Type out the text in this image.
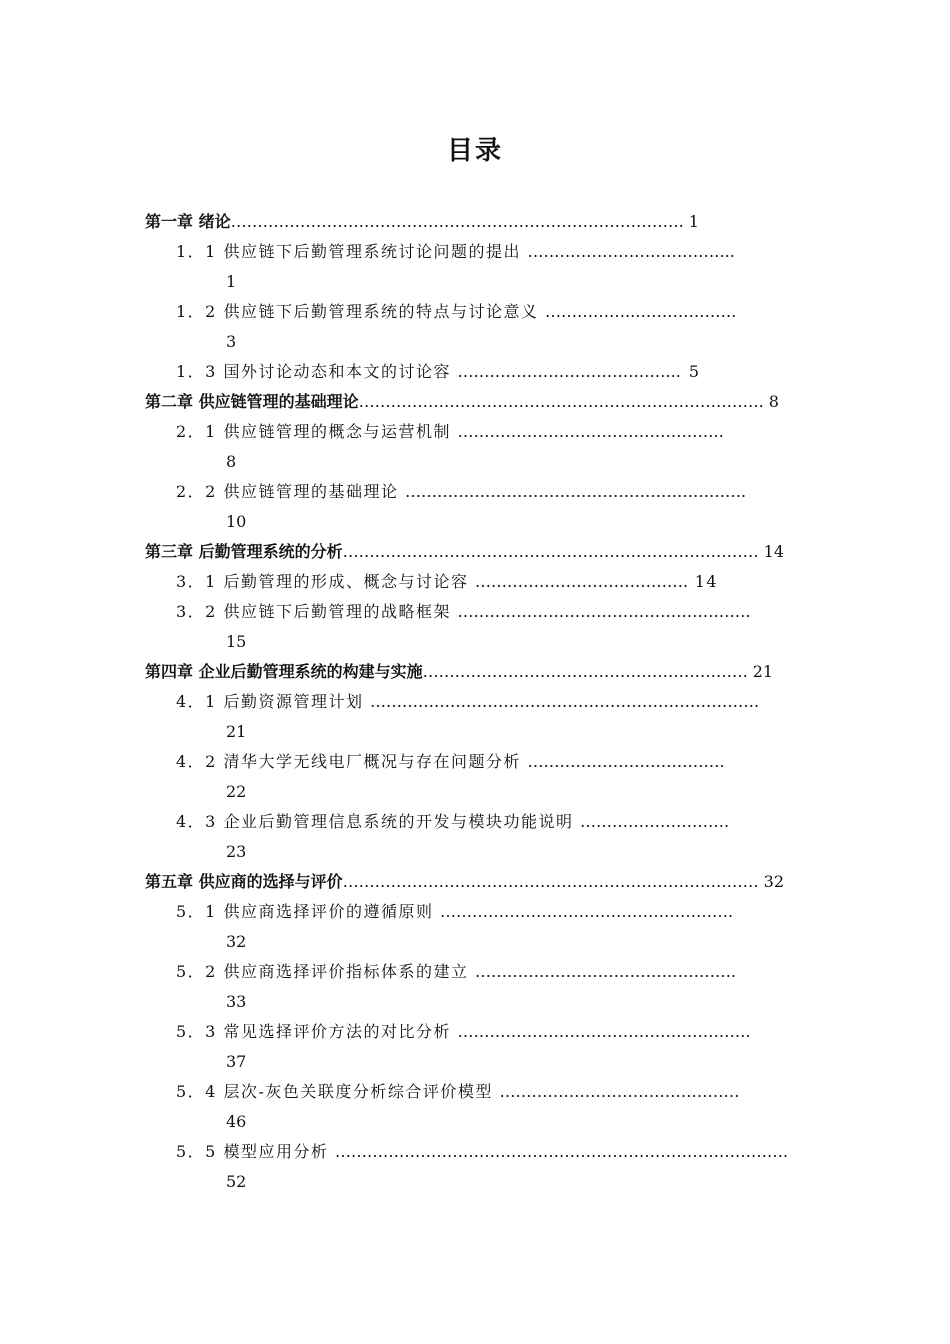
目录
第一章 绪论…………………………………………………………………………. 1
1．1 供应链下后勤管理系统讨论问题的提出 ………………………………...
1
1．2 供应链下后勤管理系统的特点与讨论意义 ……………..……………….
3
1．3 国外讨论动态和本文的讨论容 …………………………………... 5
第二章 供应链管理的基础理论…………………………………………………………………. 8
2．1 供应链管理的概念与运营机制 …………………………………………..
8
2．2 供应链管理的基础理论 ……………………………………………………….
10
第三章 后勤管理系统的分析…………………………………………………………………… 14
3．1 后勤管理的形成、概念与讨论容 …………………………………. 14
3．2 供应链下后勤管理的战略框架 ……………………………………………….
15
第四章 企业后勤管理系统的构建与实施……………………………………………………. 21
4．1 后勤资源管理计划 ……………………………………………………………….
21
4．2 清华大学无线电厂概况与存在问题分析 ……………………………….
22
4．3 企业后勤管理信息系统的开发与模块功能说明 ……………………….
23
第五章 供应商的选择与评价…………………………………………………………………… 32
5．1 供应商选择评价的遵循原则 ……………………………………………….
32
5．2 供应商选择评价指标体系的建立 ………………………………………….
33
5．3 常见选择评价方法的对比分析 ……………………………………………….
37
5．4 层次-灰色关联度分析综合评价模型 ………………………………………
46
5．5 模型应用分析 ………………………………………………………………………….
52
